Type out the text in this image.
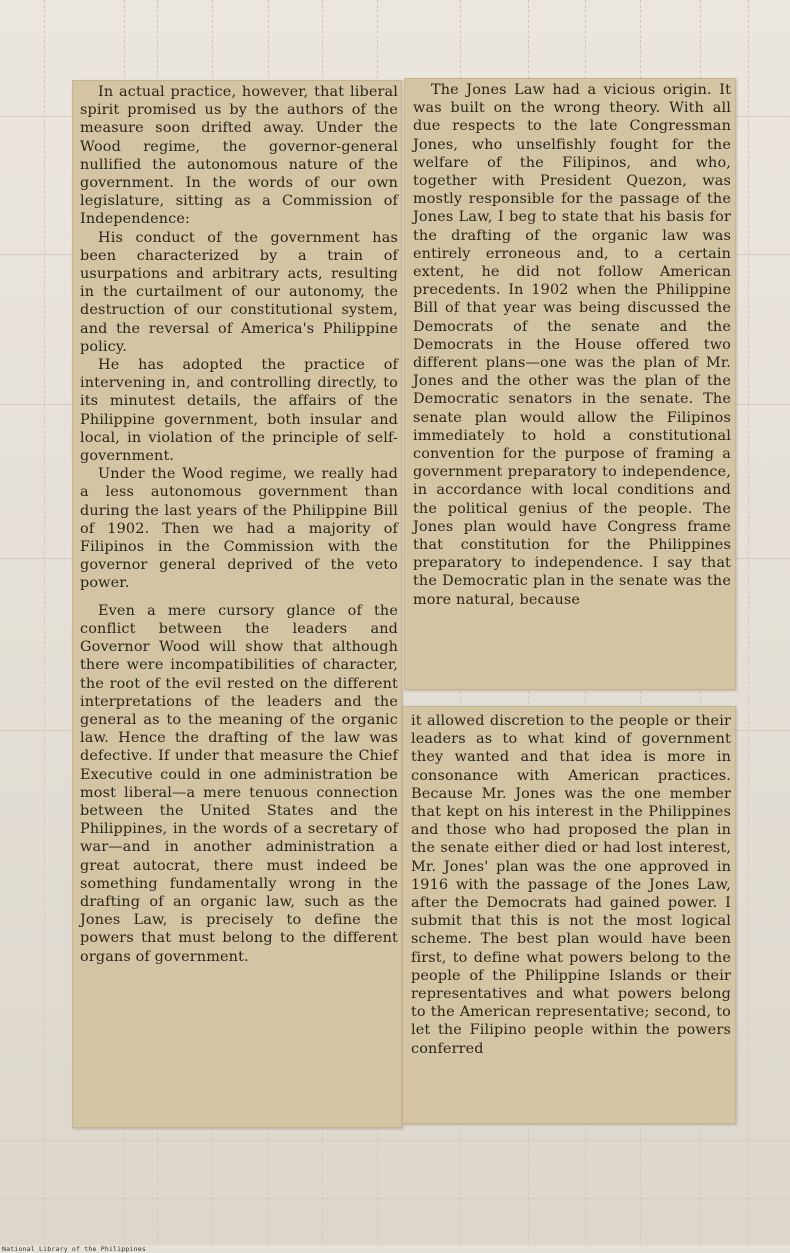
In actual practice, however, that liberal spirit promised us by the authors of the measure soon drifted away. Under the Wood regime, the governor-general nullified the autonomous nature of the government. In the words of our own legislature, sitting as a Commission of Independence:

His conduct of the government has been characterized by a train of usurpations and arbitrary acts, resulting in the curtailment of our autonomy, the destruction of our constitutional system, and the reversal of America's Philippine policy.

He has adopted the practice of intervening in, and controlling directly, to its minutest details, the affairs of the Philippine government, both insular and local, in violation of the principle of self-government.

Under the Wood regime, we really had a less autonomous government than during the last years of the Philippine Bill of 1902. Then we had a majority of Filipinos in the Commission with the governor general deprived of the veto power.

Even a mere cursory glance of the conflict between the leaders and Governor Wood will show that although there were incompatibilities of character, the root of the evil rested on the different interpretations of the leaders and the general as to the meaning of the organic law. Hence the drafting of the law was defective. If under that measure the Chief Executive could in one administration be most liberal—a mere tenuous connection between the United States and the Philippines, in the words of a secretary of war—and in another administration a great autocrat, there must indeed be something fundamentally wrong in the drafting of an organic law, such as the Jones Law, is precisely to define the powers that must belong to the different organs of government.

The Jones Law had a vicious origin. It was built on the wrong theory. With all due respects to the late Congressman Jones, who unselfishly fought for the welfare of the Filipinos, and who, together with President Quezon, was mostly responsible for the passage of the Jones Law, I beg to state that his basis for the drafting of the organic law was entirely erroneous and, to a certain extent, he did not follow American precedents. In 1902 when the Philippine Bill of that year was being discussed the Democrats of the senate and the Democrats in the House offered two different plans—one was the plan of Mr. Jones and the other was the plan of the Democratic senators in the senate. The senate plan would allow the Filipinos immediately to hold a constitutional convention for the purpose of framing a government preparatory to independence, in accordance with local conditions and the political genius of the people. The Jones plan would have Congress frame that constitution for the Philippines preparatory to independence. I say that the Democratic plan in the senate was the more natural, because

it allowed discretion to the people or their leaders as to what kind of government they wanted and that idea is more in consonance with American practices. Because Mr. Jones was the one member that kept on his interest in the Philippines and those who had proposed the plan in the senate either died or had lost interest, Mr. Jones' plan was the one approved in 1916 with the passage of the Jones Law, after the Democrats had gained power. I submit that this is not the most logical scheme. The best plan would have been first, to define what powers belong to the people of the Philippine Islands or their representatives and what powers belong to the American representative; second, to let the Filipino people within the powers conferred

National Library of the Philippines
